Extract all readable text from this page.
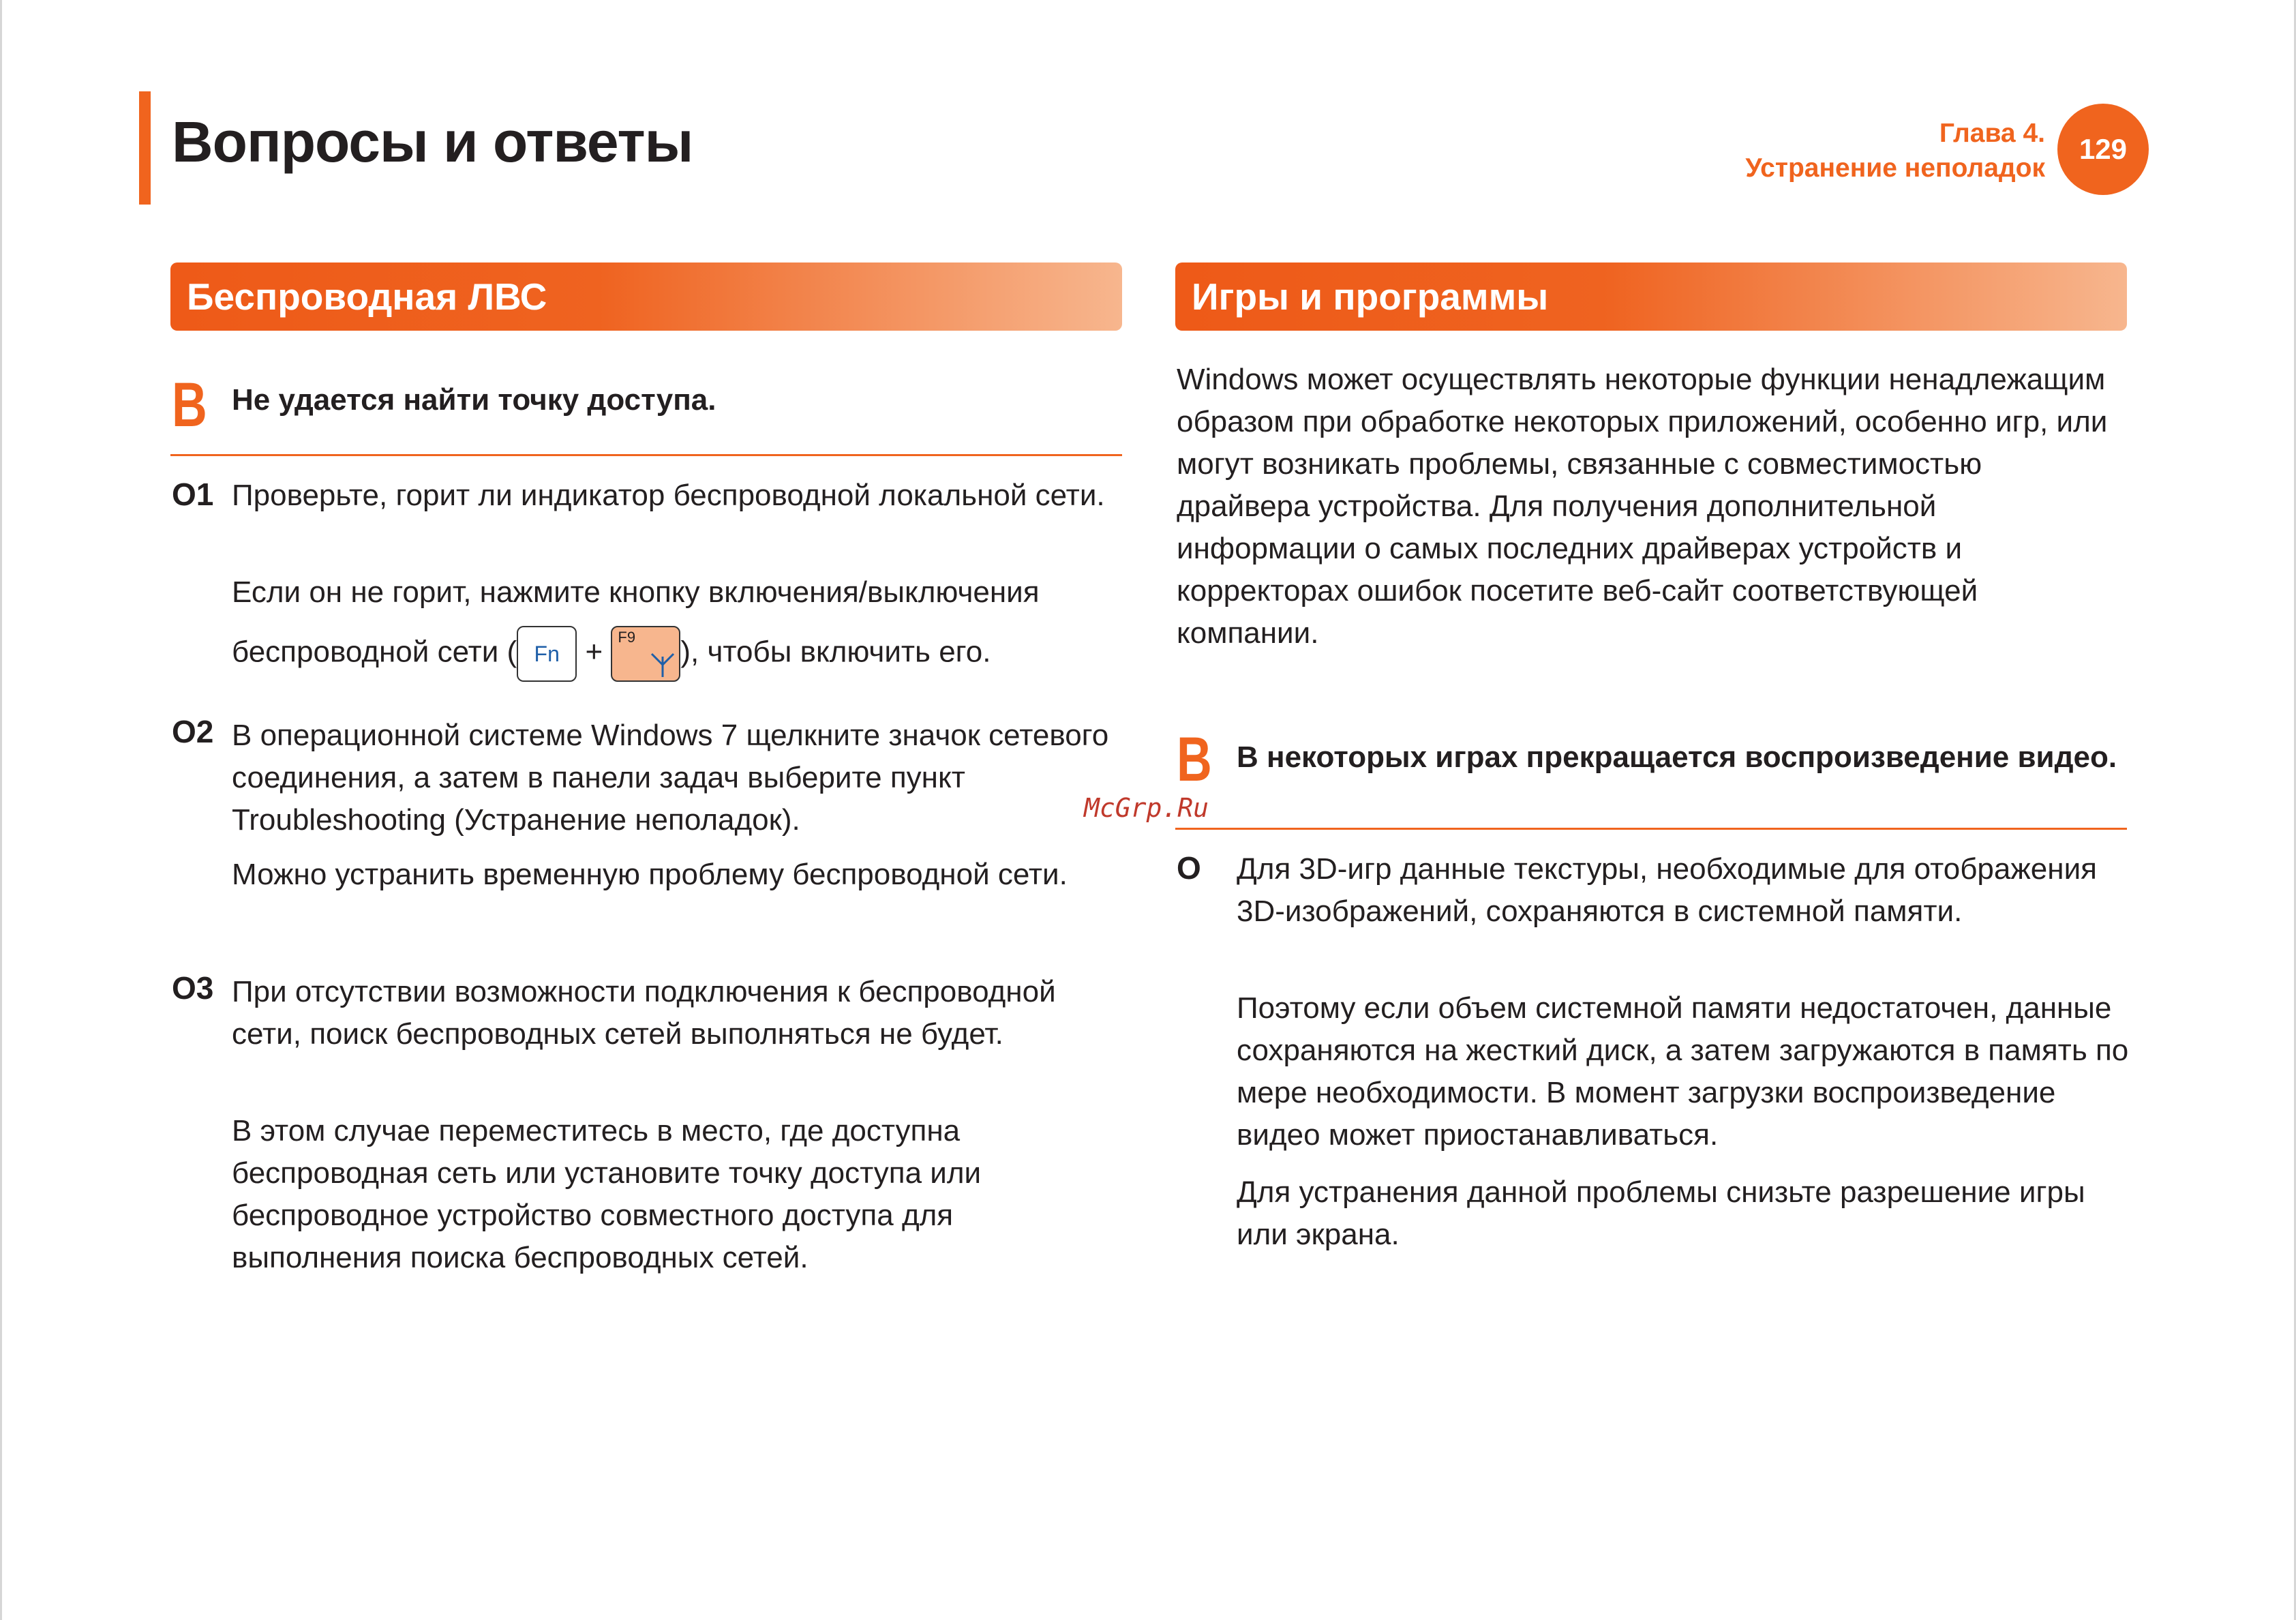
Вопросы и ответы	Глава 4.
Устранение неполадок
129
Беспроводная ЛВС
В Не удается найти точку доступа.
О1 Проверьте, горит ли индикатор беспроводной локальной сети.
Если он не горит, нажмите кнопку включения/выключения
беспроводной сети ( Fn + F9 ), чтобы включить его.
О2 В операционной системе Windows 7 щелкните значок сетевого соединения, а затем в панели задач выберите пункт Troubleshooting (Устранение неполадок).
Можно устранить временную проблему беспроводной сети.
О3 При отсутствии возможности подключения к беспроводной сети, поиск беспроводных сетей выполняться не будет.
В этом случае переместитесь в место, где доступна беспроводная сеть или установите точку доступа или беспроводное устройство совместного доступа для выполнения поиска беспроводных сетей.
McGrp.Ru
Игры и программы
Windows может осуществлять некоторые функции ненадлежащим образом при обработке некоторых приложений, особенно игр, или могут возникать проблемы, связанные с совместимостью драйвера устройства. Для получения дополнительной информации о самых последних драйверах устройств и корректорах ошибок посетите веб-сайт соответствующей компании.
В В некоторых играх прекращается воспроизведение видео.
О Для 3D-игр данные текстуры, необходимые для отображения 3D-изображений, сохраняются в системной памяти.
Поэтому если объем системной памяти недостаточен, данные сохраняются на жесткий диск, а затем загружаются в память по мере необходимости. В момент загрузки воспроизведение видео может приостанавливаться.
Для устранения данной проблемы снизьте разрешение игры или экрана.
